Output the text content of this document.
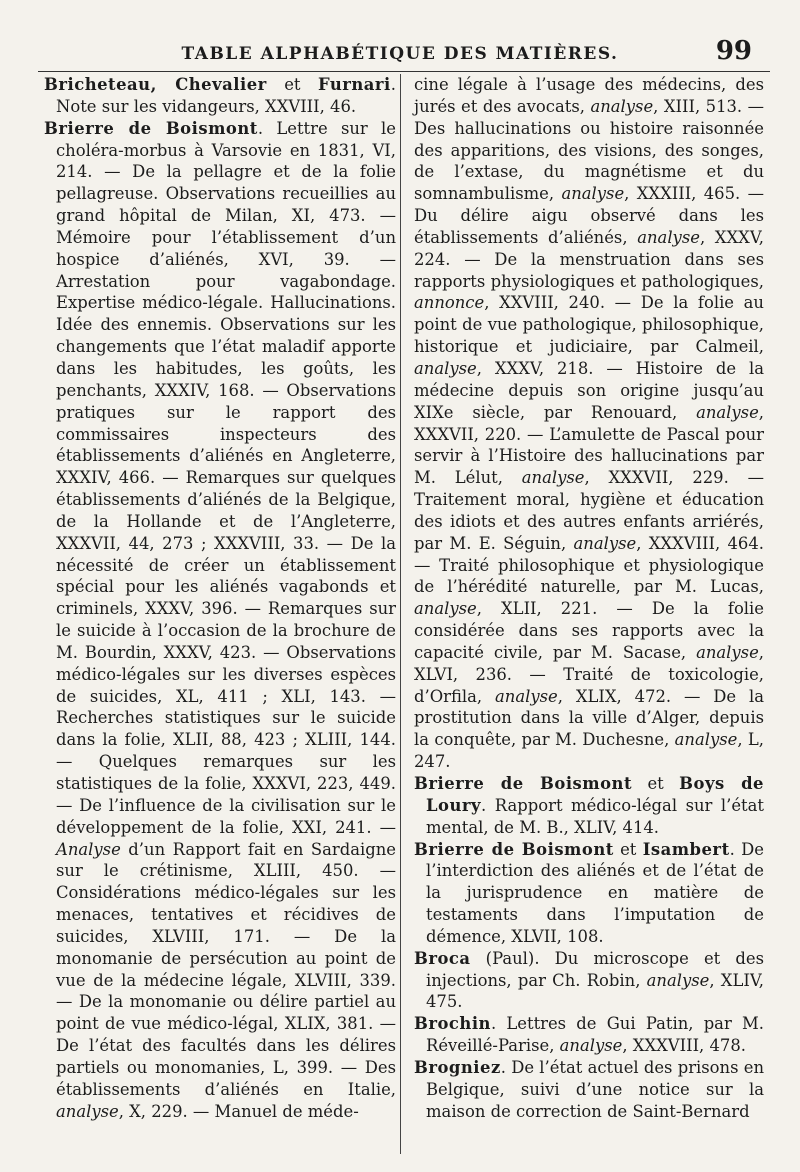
TABLE ALPHABÉTIQUE DES MATIÈRES.	99

Bricheteau, Chevalier et Furnari. Note sur les vidangeurs, XXVIII, 46.

Brierre de Boismont. Lettre sur le choléra-morbus à Varsovie en 1831, VI, 214. — De la pellagre et de la folie pellagreuse. Observations recueillies au grand hôpital de Milan, XI, 473. — Mémoire pour l’établissement d’un hospice d’aliénés, XVI, 39. — Arrestation pour vagabondage. Expertise médico-légale. Hallucinations. Idée des ennemis. Observations sur les changements que l’état maladif apporte dans les habitudes, les goûts, les penchants, XXXIV, 168. — Observations pratiques sur le rapport des commissaires inspecteurs des établissements d’aliénés en Angleterre, XXXIV, 466. — Remarques sur quelques établissements d’aliénés de la Belgique, de la Hollande et de l’Angleterre, XXXVII, 44, 273 ; XXXVIII, 33. — De la nécessité de créer un établissement spécial pour les aliénés vagabonds et criminels, XXXV, 396. — Remarques sur le suicide à l’occasion de la brochure de M. Bourdin, XXXV, 423. — Observations médico-légales sur les diverses espèces de suicides, XL, 411 ; XLI, 143. — Recherches statistiques sur le suicide dans la folie, XLII, 88, 423 ; XLIII, 144. — Quelques remarques sur les statistiques de la folie, XXXVI, 223, 449. — De l’influence de la civilisation sur le développement de la folie, XXI, 241. — Analyse d’un Rapport fait en Sardaigne sur le crétinisme, XLIII, 450. — Considérations médico-légales sur les menaces, tentatives et récidives de suicides, XLVIII, 171. — De la monomanie de persécution au point de vue de la médecine légale, XLVIII, 339. — De la monomanie ou délire partiel au point de vue médico-légal, XLIX, 381. — De l’état des facultés dans les délires partiels ou monomanies, L, 399. — Des établissements d’aliénés en Italie, analyse, X, 229. — Manuel de méde-

cine légale à l’usage des médecins, des jurés et des avocats, analyse, XIII, 513. — Des hallucinations ou histoire raisonnée des apparitions, des visions, des songes, de l’extase, du magnétisme et du somnambulisme, analyse, XXXIII, 465. — Du délire aigu observé dans les établissements d’aliénés, analyse, XXXV, 224. — De la menstruation dans ses rapports physiologiques et pathologiques, annonce, XXVIII, 240. — De la folie au point de vue pathologique, philosophique, historique et judiciaire, par Calmeil, analyse, XXXV, 218. — Histoire de la médecine depuis son origine jusqu’au XIXe siècle, par Renouard, analyse, XXXVII, 220. — L’amulette de Pascal pour servir à l’Histoire des hallucinations par M. Lélut, analyse, XXXVII, 229. — Traitement moral, hygiène et éducation des idiots et des autres enfants arriérés, par M. E. Séguin, analyse, XXXVIII, 464. — Traité philosophique et physiologique de l’hérédité naturelle, par M. Lucas, analyse, XLII, 221. — De la folie considérée dans ses rapports avec la capacité civile, par M. Sacase, analyse, XLVI, 236. — Traité de toxicologie, d’Orfila, analyse, XLIX, 472. — De la prostitution dans la ville d’Alger, depuis la conquête, par M. Duchesne, analyse, L, 247.

Brierre de Boismont et Boys de Loury. Rapport médico-légal sur l’état mental, de M. B., XLIV, 414.

Brierre de Boismont et Isambert. De l’interdiction des aliénés et de l’état de la jurisprudence en matière de testaments dans l’imputation de démence, XLVII, 108.

Broca (Paul). Du microscope et des injections, par Ch. Robin, analyse, XLIV, 475.

Brochin. Lettres de Gui Patin, par M. Réveillé-Parise, analyse, XXXVIII, 478.

Brogniez. De l’état actuel des prisons en Belgique, suivi d’une notice sur la maison de correction de Saint-Bernard
